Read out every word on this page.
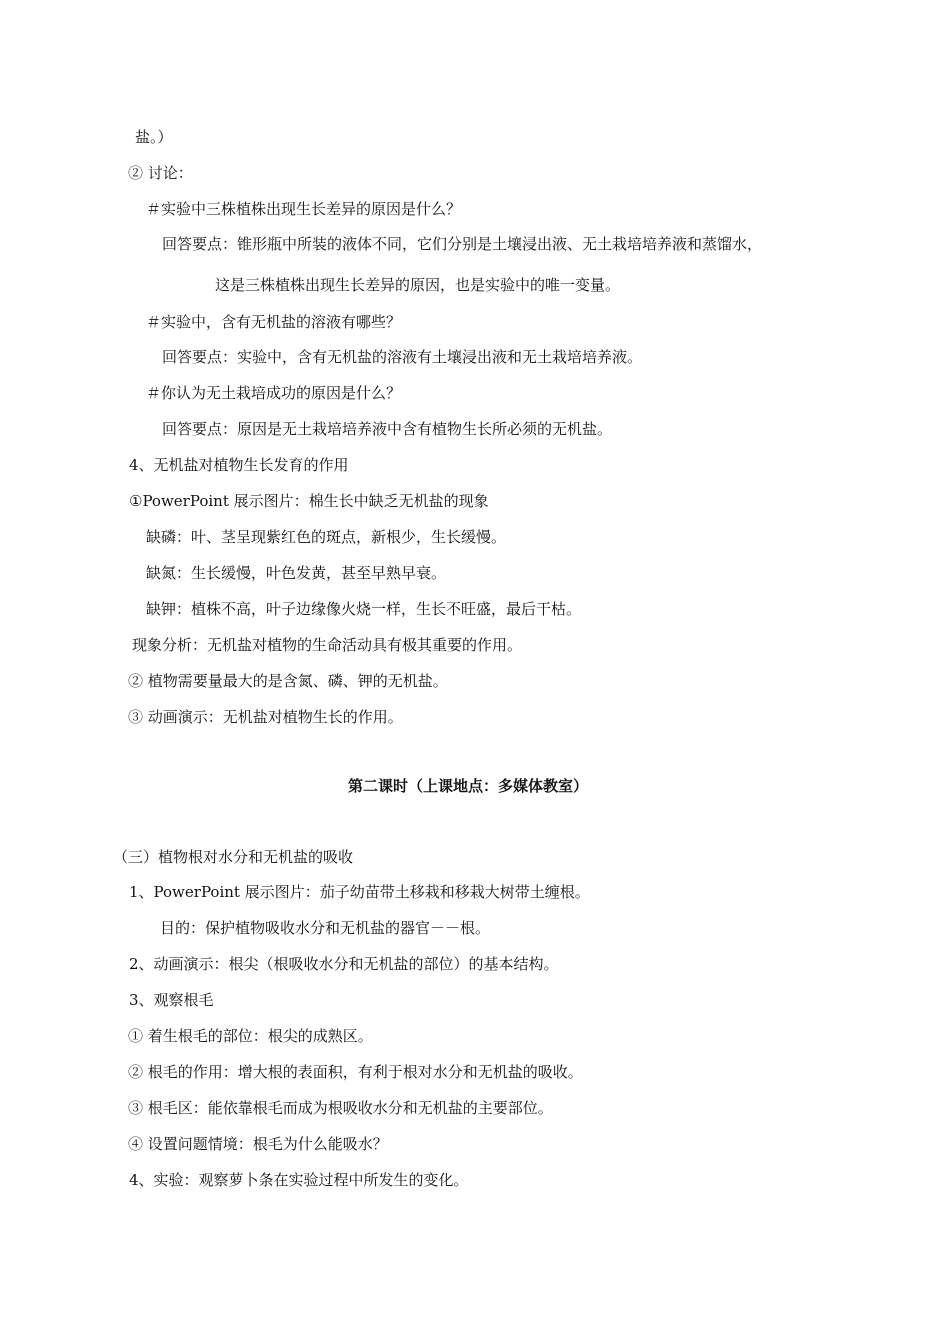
盐。）
② 讨论：
＃实验中三株植株出现生长差异的原因是什么？
回答要点：锥形瓶中所装的液体不同，它们分别是土壤浸出液、无土栽培培养液和蒸馏水，
这是三株植株出现生长差异的原因，也是实验中的唯一变量。
＃实验中，含有无机盐的溶液有哪些？
回答要点：实验中，含有无机盐的溶液有土壤浸出液和无土栽培培养液。
＃你认为无土栽培成功的原因是什么？
回答要点：原因是无土栽培培养液中含有植物生长所必须的无机盐。
4、无机盐对植物生长发育的作用
①PowerPoint 展示图片：棉生长中缺乏无机盐的现象
缺磷：叶、茎呈现紫红色的斑点，新根少，生长缓慢。
缺氮：生长缓慢，叶色发黄，甚至早熟早衰。
缺钾：植株不高，叶子边缘像火烧一样，生长不旺盛，最后干枯。
现象分析：无机盐对植物的生命活动具有极其重要的作用。
② 植物需要量最大的是含氮、磷、钾的无机盐。
③ 动画演示：无机盐对植物生长的作用。
第二课时（上课地点：多媒体教室）
（三）植物根对水分和无机盐的吸收
1、PowerPoint 展示图片：茄子幼苗带土移栽和移栽大树带土缠根。
目的：保护植物吸收水分和无机盐的器官－－根。
2、动画演示：根尖（根吸收水分和无机盐的部位）的基本结构。
3、观察根毛
① 着生根毛的部位：根尖的成熟区。
② 根毛的作用：增大根的表面积，有利于根对水分和无机盐的吸收。
③ 根毛区：能依靠根毛而成为根吸收水分和无机盐的主要部位。
④ 设置问题情境：根毛为什么能吸水？
4、实验：观察萝卜条在实验过程中所发生的变化。
